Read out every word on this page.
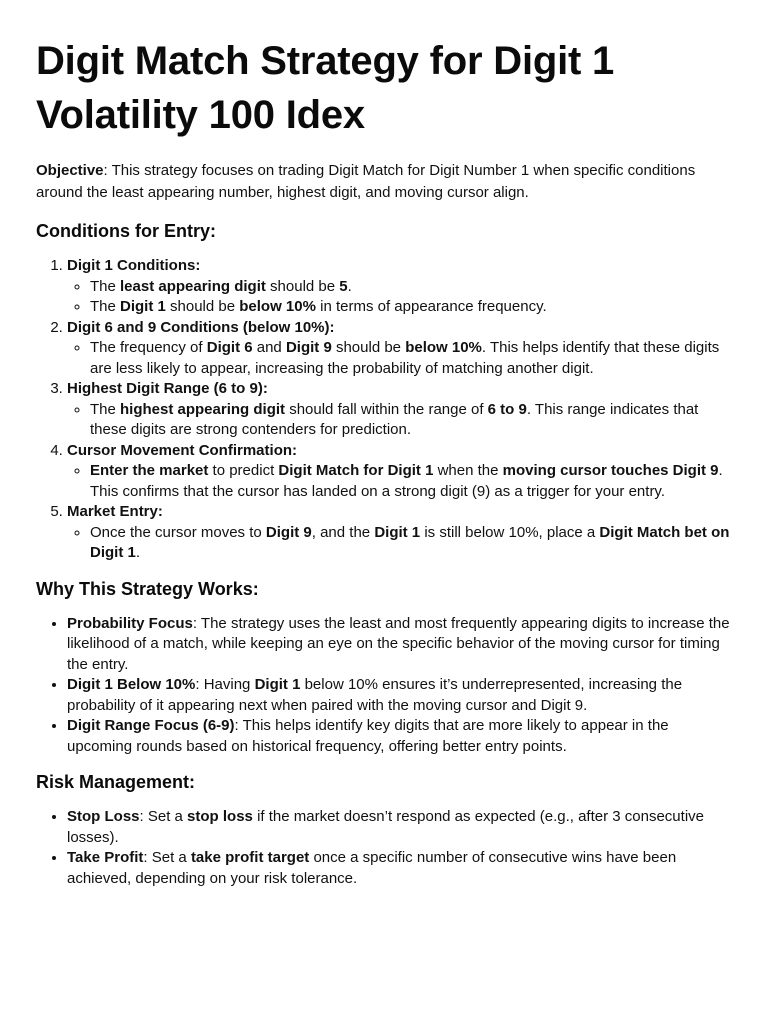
Digit Match Strategy for Digit 1 Volatility 100 Idex

Objective: This strategy focuses on trading Digit Match for Digit Number 1 when specific conditions around the least appearing number, highest digit, and moving cursor align.

Conditions for Entry:
1. Digit 1 Conditions:
◦ The least appearing digit should be 5.
◦ The Digit 1 should be below 10% in terms of appearance frequency.
2. Digit 6 and 9 Conditions (below 10%):
◦ The frequency of Digit 6 and Digit 9 should be below 10%. This helps identify that these digits are less likely to appear, increasing the probability of matching another digit.
3. Highest Digit Range (6 to 9):
◦ The highest appearing digit should fall within the range of 6 to 9. This range indicates that these digits are strong contenders for prediction.
4. Cursor Movement Confirmation:
◦ Enter the market to predict Digit Match for Digit 1 when the moving cursor touches Digit 9. This confirms that the cursor has landed on a strong digit (9) as a trigger for your entry.
5. Market Entry:
◦ Once the cursor moves to Digit 9, and the Digit 1 is still below 10%, place a Digit Match bet on Digit 1.
Why This Strategy Works:
• Probability Focus: The strategy uses the least and most frequently appearing digits to increase the likelihood of a match, while keeping an eye on the specific behavior of the moving cursor for timing the entry.
• Digit 1 Below 10%: Having Digit 1 below 10% ensures it’s underrepresented, increasing the probability of it appearing next when paired with the moving cursor and Digit 9.
• Digit Range Focus (6-9): This helps identify key digits that are more likely to appear in the upcoming rounds based on historical frequency, offering better entry points.
Risk Management:
• Stop Loss: Set a stop loss if the market doesn’t respond as expected (e.g., after 3 consecutive losses).
• Take Profit: Set a take profit target once a specific number of consecutive wins have been achieved, depending on your risk tolerance.
